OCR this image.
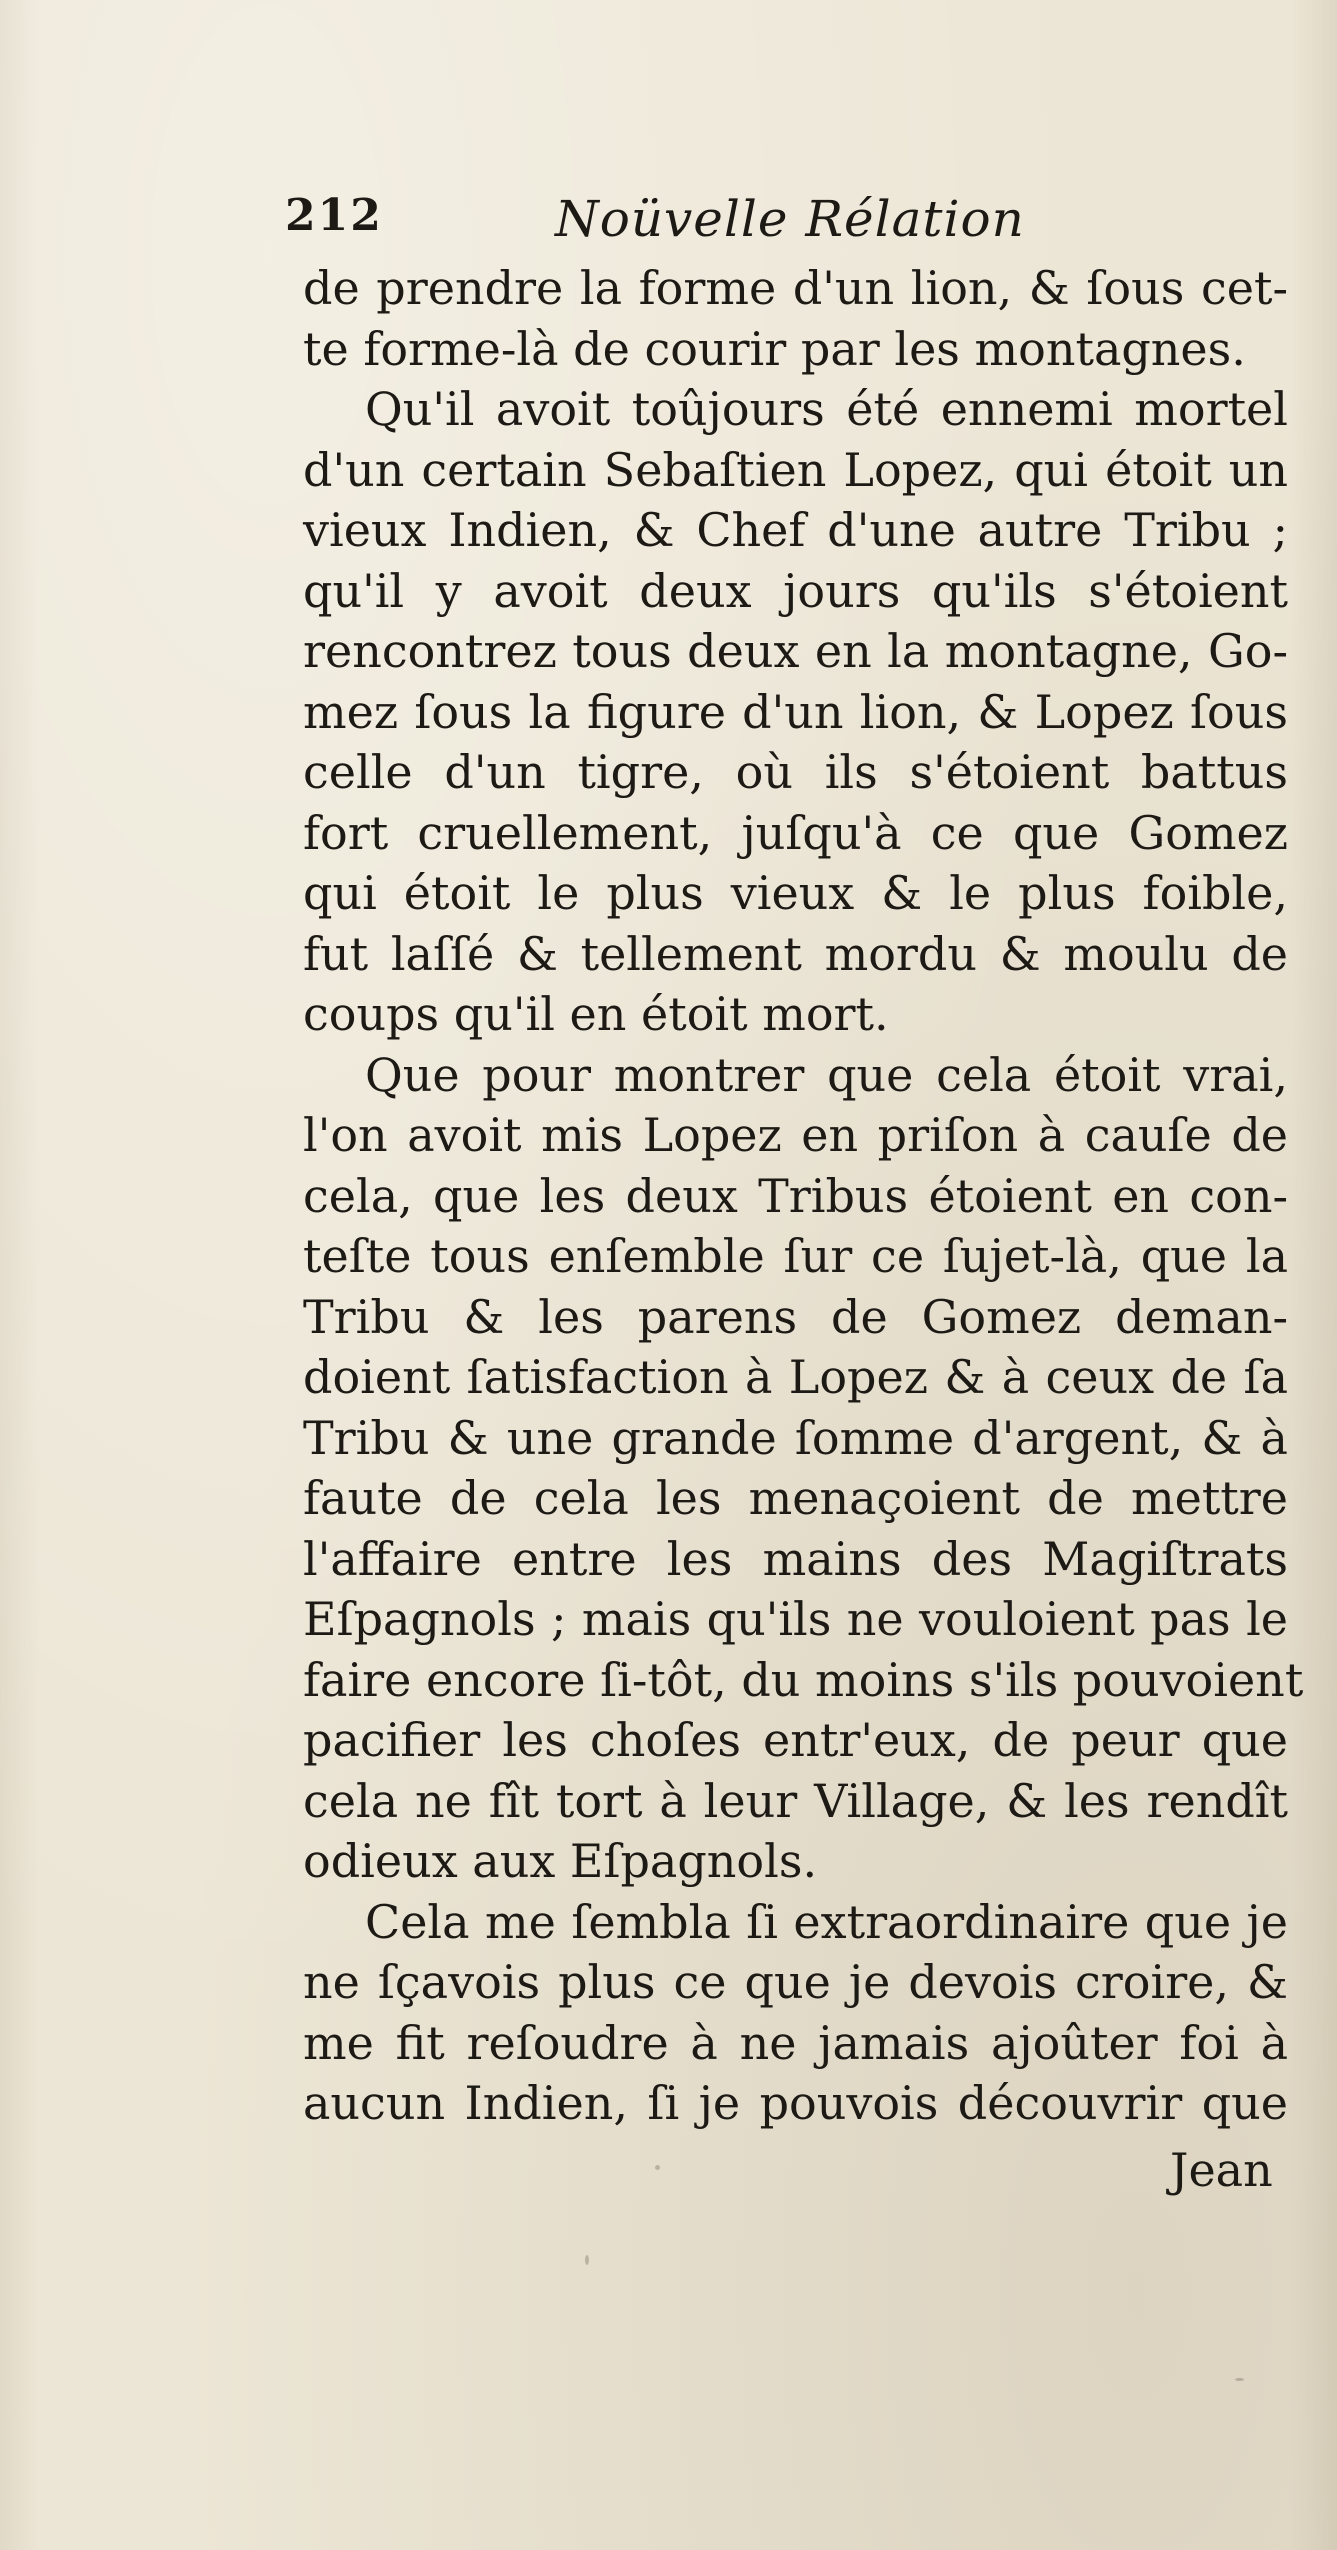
212	Noüvelle Rélation
de prendre la forme d'un lion, & ſous cet-
te forme-là de courir par les montagnes.
Qu'il avoit toûjours été ennemi mortel
d'un certain Sebaſtien Lopez, qui étoit un
vieux Indien, & Chef d'une autre Tribu ;
qu'il y avoit deux jours qu'ils s'étoient
rencontrez tous deux en la montagne, Go-
mez ſous la figure d'un lion, & Lopez ſous
celle d'un tigre, où ils s'étoient battus
fort cruellement, juſqu'à ce que Gomez
qui étoit le plus vieux & le plus foible,
fut laſſé & tellement mordu & moulu de
coups qu'il en étoit mort.
Que pour montrer que cela étoit vrai,
l'on avoit mis Lopez en priſon à cauſe de
cela, que les deux Tribus étoient en con-
teſte tous enſemble ſur ce ſujet-là, que la
Tribu & les parens de Gomez deman-
doient ſatisfaction à Lopez & à ceux de ſa
Tribu & une grande ſomme d'argent, & à
faute de cela les menaçoient de mettre
l'affaire entre les mains des Magiſtrats
Eſpagnols ; mais qu'ils ne vouloient pas le
faire encore ſi-tôt, du moins s'ils pouvoient
pacifier les choſes entr'eux, de peur que
cela ne fît tort à leur Village, & les rendît
odieux aux Eſpagnols.
Cela me ſembla ſi extraordinaire que je
ne ſçavois plus ce que je devois croire, &
me fit reſoudre à ne jamais ajoûter foi à
aucun Indien, ſi je pouvois découvrir que
Jean
